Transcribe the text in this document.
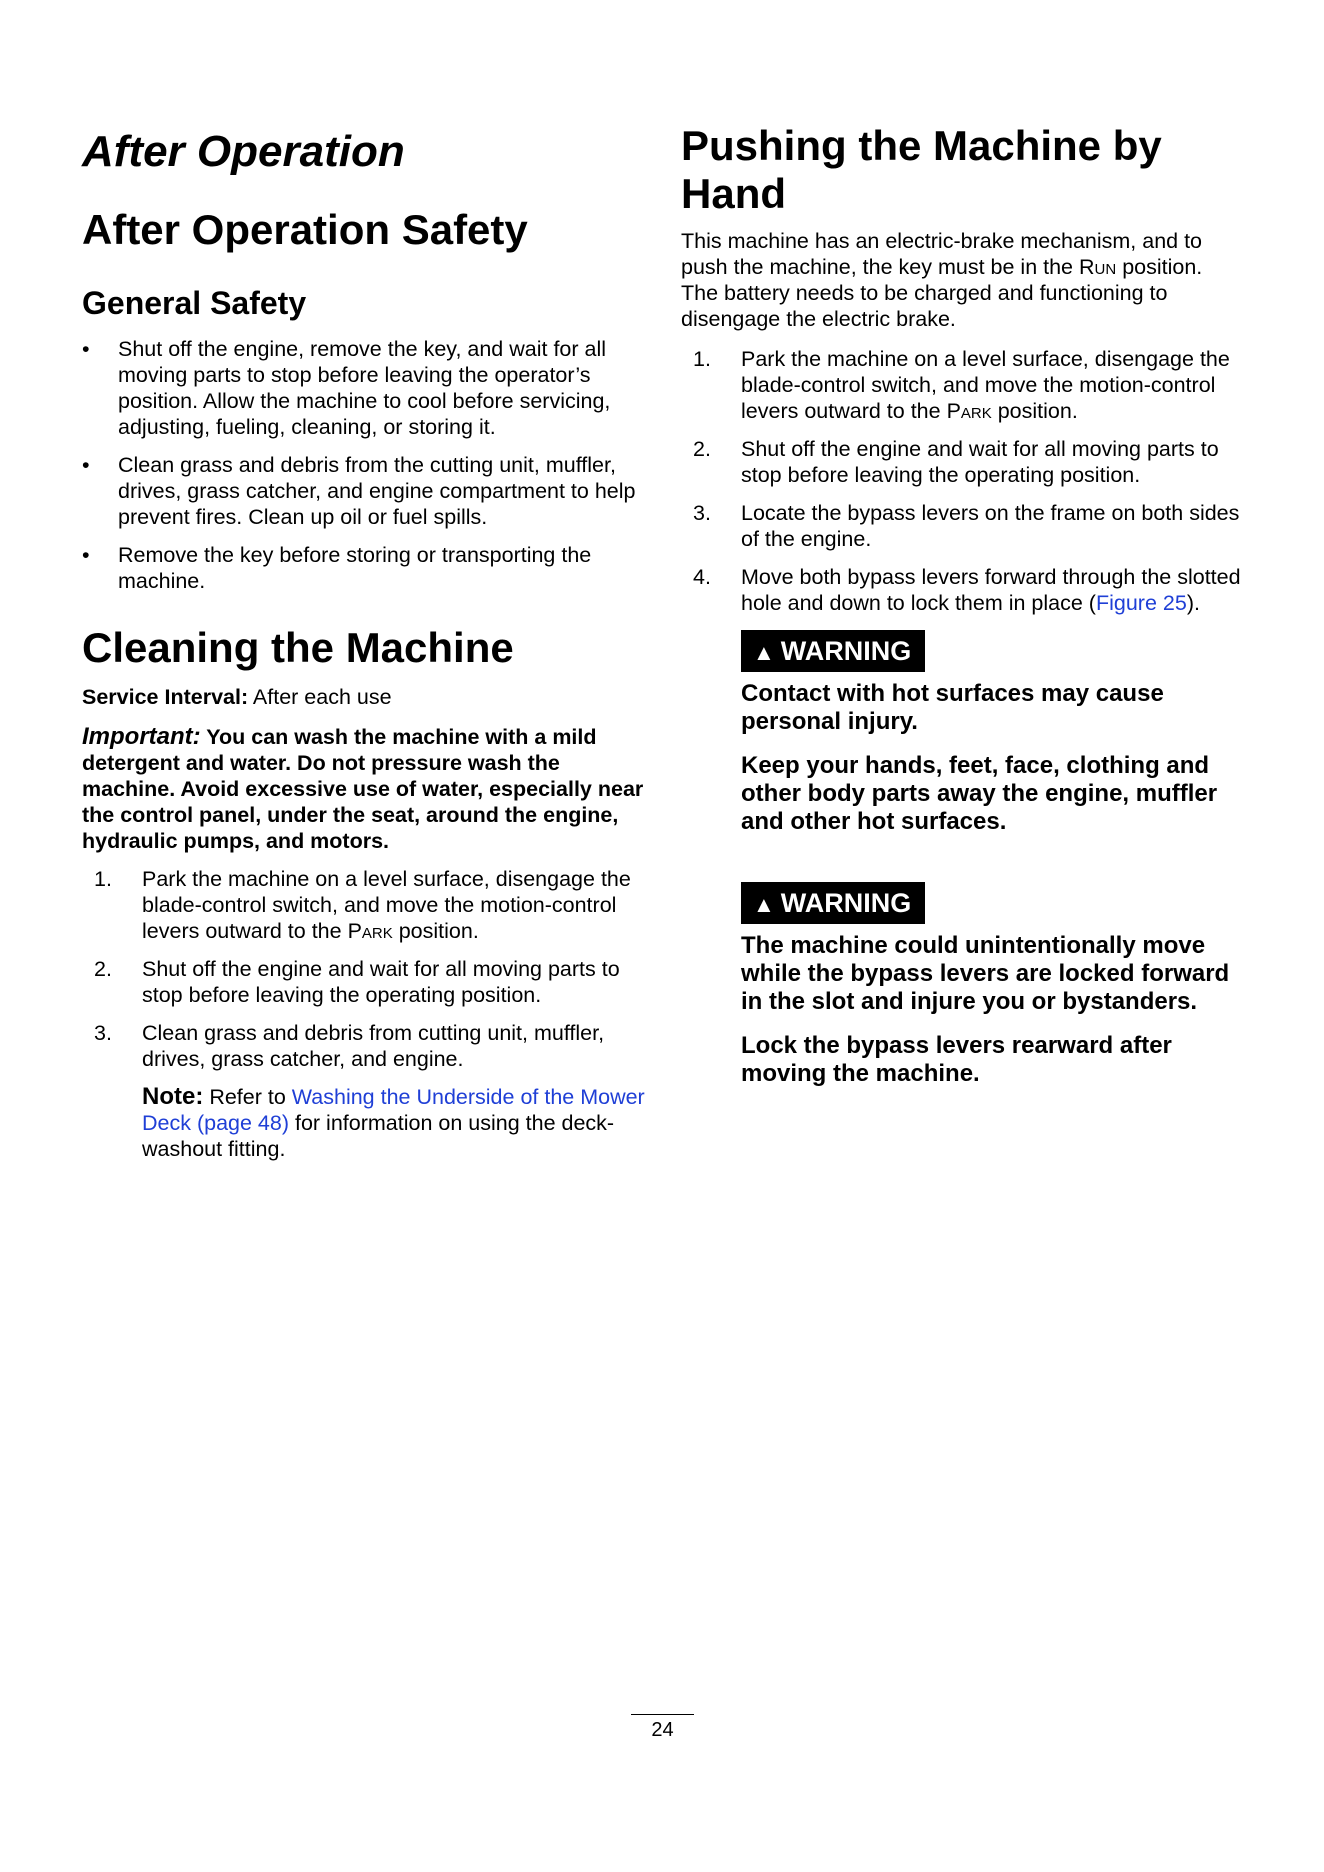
After Operation
After Operation Safety
General Safety
•	Shut off the engine, remove the key, and wait for all moving parts to stop before leaving the operator’s position. Allow the machine to cool before servicing, adjusting, fueling, cleaning, or storing it.
•	Clean grass and debris from the cutting unit, muffler, drives, grass catcher, and engine compartment to help prevent fires. Clean up oil or fuel spills.
•	Remove the key before storing or transporting the machine.
Cleaning the Machine

Service Interval: After each use

Important: You can wash the machine with a mild detergent and water. Do not pressure wash the machine. Avoid excessive use of water, especially near the control panel, under the seat, around the engine, hydraulic pumps, and motors.

1.	Park the machine on a level surface, disengage the blade-control switch, and move the motion-control levers outward to the Park position.
2.	Shut off the engine and wait for all moving parts to stop before leaving the operating position.
3.	Clean grass and debris from cutting unit, muffler, drives, grass catcher, and engine.

Note: Refer to Washing the Underside of the Mower Deck (page 48) for information on using the deck-washout fitting.

Pushing the Machine by Hand

This machine has an electric-brake mechanism, and to push the machine, the key must be in the Run position. The battery needs to be charged and functioning to disengage the electric brake.

1.	Park the machine on a level surface, disengage the blade-control switch, and move the motion-control levers outward to the Park position.
2.	Shut off the engine and wait for all moving parts to stop before leaving the operating position.
3.	Locate the bypass levers on the frame on both sides of the engine.
4.	Move both bypass levers forward through the slotted hole and down to lock them in place (Figure 25).
▲ WARNING

Contact with hot surfaces may cause personal injury.

Keep your hands, feet, face, clothing and other body parts away the engine, muffler and other hot surfaces.

▲ WARNING

The machine could unintentionally move while the bypass levers are locked forward in the slot and injure you or bystanders.

Lock the bypass levers rearward after moving the machine.

24
